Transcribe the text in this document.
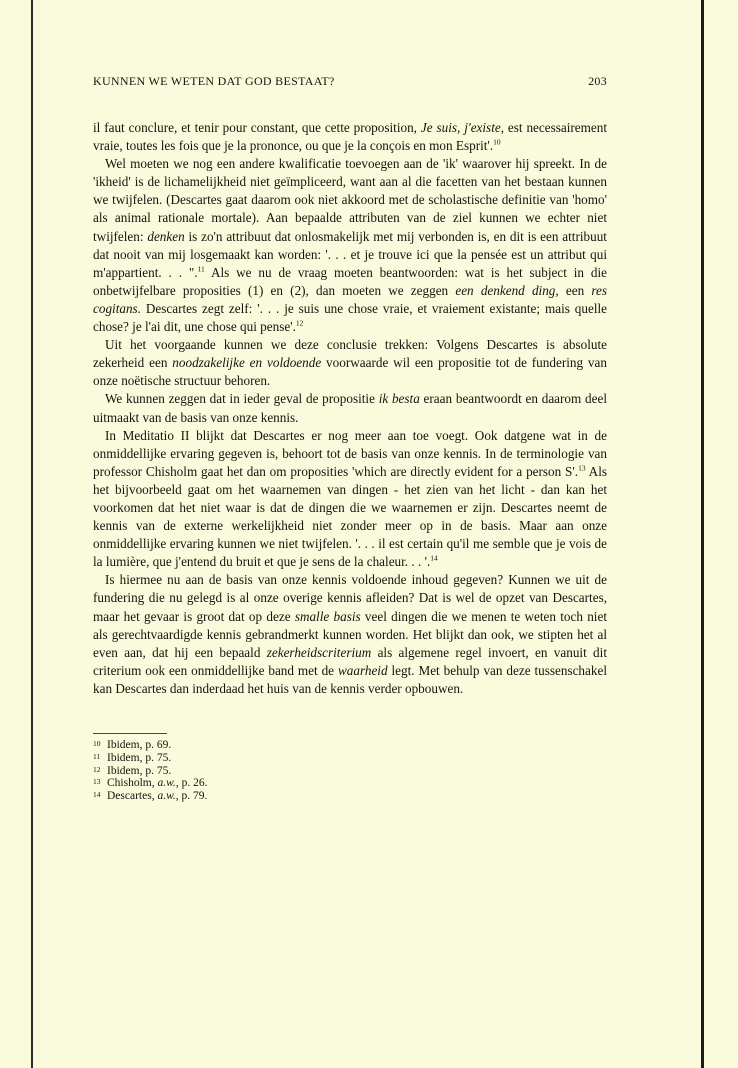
KUNNEN WE WETEN DAT GOD BESTAAT?	203

il faut conclure, et tenir pour constant, que cette proposition, Je suis, j'existe, est necessairement vraie, toutes les fois que je la prononce, ou que je la conçois en mon Esprit'.$^{10}$

Wel moeten we nog een andere kwalificatie toevoegen aan de 'ik' waarover hij spreekt. In de 'ikheid' is de lichamelijkheid niet geïmpliceerd, want aan al die facetten van het bestaan kunnen we twijfelen. (Descartes gaat daarom ook niet akkoord met de scholastische definitie van 'homo' als animal rationale mortale). Aan bepaalde attributen van de ziel kunnen we echter niet twijfelen: denken is zo'n attribuut dat onlosmakelijk met mij verbonden is, en dit is een attribuut dat nooit van mij losgemaakt kan worden: '. . . et je trouve ici que la pensée est un attribut qui m'appartient. . . ".$^{11}$ Als we nu de vraag moeten beantwoorden: wat is het subject in die onbetwijfelbare proposities (1) en (2), dan moeten we zeggen een denkend ding, een res cogitans. Descartes zegt zelf: '. . . je suis une chose vraie, et vraiement existante; mais quelle chose? je l'ai dit, une chose qui pense'.$^{12}$

Uit het voorgaande kunnen we deze conclusie trekken: Volgens Descartes is absolute zekerheid een noodzakelijke en voldoende voorwaarde wil een propositie tot de fundering van onze noëtische structuur behoren.

We kunnen zeggen dat in ieder geval de propositie ik besta eraan beantwoordt en daarom deel uitmaakt van de basis van onze kennis.

In Meditatio II blijkt dat Descartes er nog meer aan toe voegt. Ook datgene wat in de onmiddellijke ervaring gegeven is, behoort tot de basis van onze kennis. In de terminologie van professor Chisholm gaat het dan om proposities 'which are directly evident for a person S'.$^{13}$ Als het bijvoorbeeld gaat om het waarnemen van dingen - het zien van het licht - dan kan het voorkomen dat het niet waar is dat de dingen die we waarnemen er zijn. Descartes neemt de kennis van de externe werkelijkheid niet zonder meer op in de basis. Maar aan onze onmiddellijke ervaring kunnen we niet twijfelen. '. . . il est certain qu'il me semble que je vois de la lumière, que j'entend du bruit et que je sens de la chaleur. . . '.$^{14}$

Is hiermee nu aan de basis van onze kennis voldoende inhoud gegeven? Kunnen we uit de fundering die nu gelegd is al onze overige kennis afleiden? Dat is wel de opzet van Descartes, maar het gevaar is groot dat op deze smalle basis veel dingen die we menen te weten toch niet als gerechtvaardigde kennis gebrandmerkt kunnen worden. Het blijkt dan ook, we stipten het al even aan, dat hij een bepaald zekerheidscriterium als algemene regel invoert, en vanuit dit criterium ook een onmiddellijke band met de waarheid legt. Met behulp van deze tussenschakel kan Descartes dan inderdaad het huis van de kennis verder opbouwen.

10 Ibidem, p. 69.
11 Ibidem, p. 75.
12 Ibidem, p. 75.
13 Chisholm, a.w., p. 26.
14 Descartes, a.w., p. 79.
